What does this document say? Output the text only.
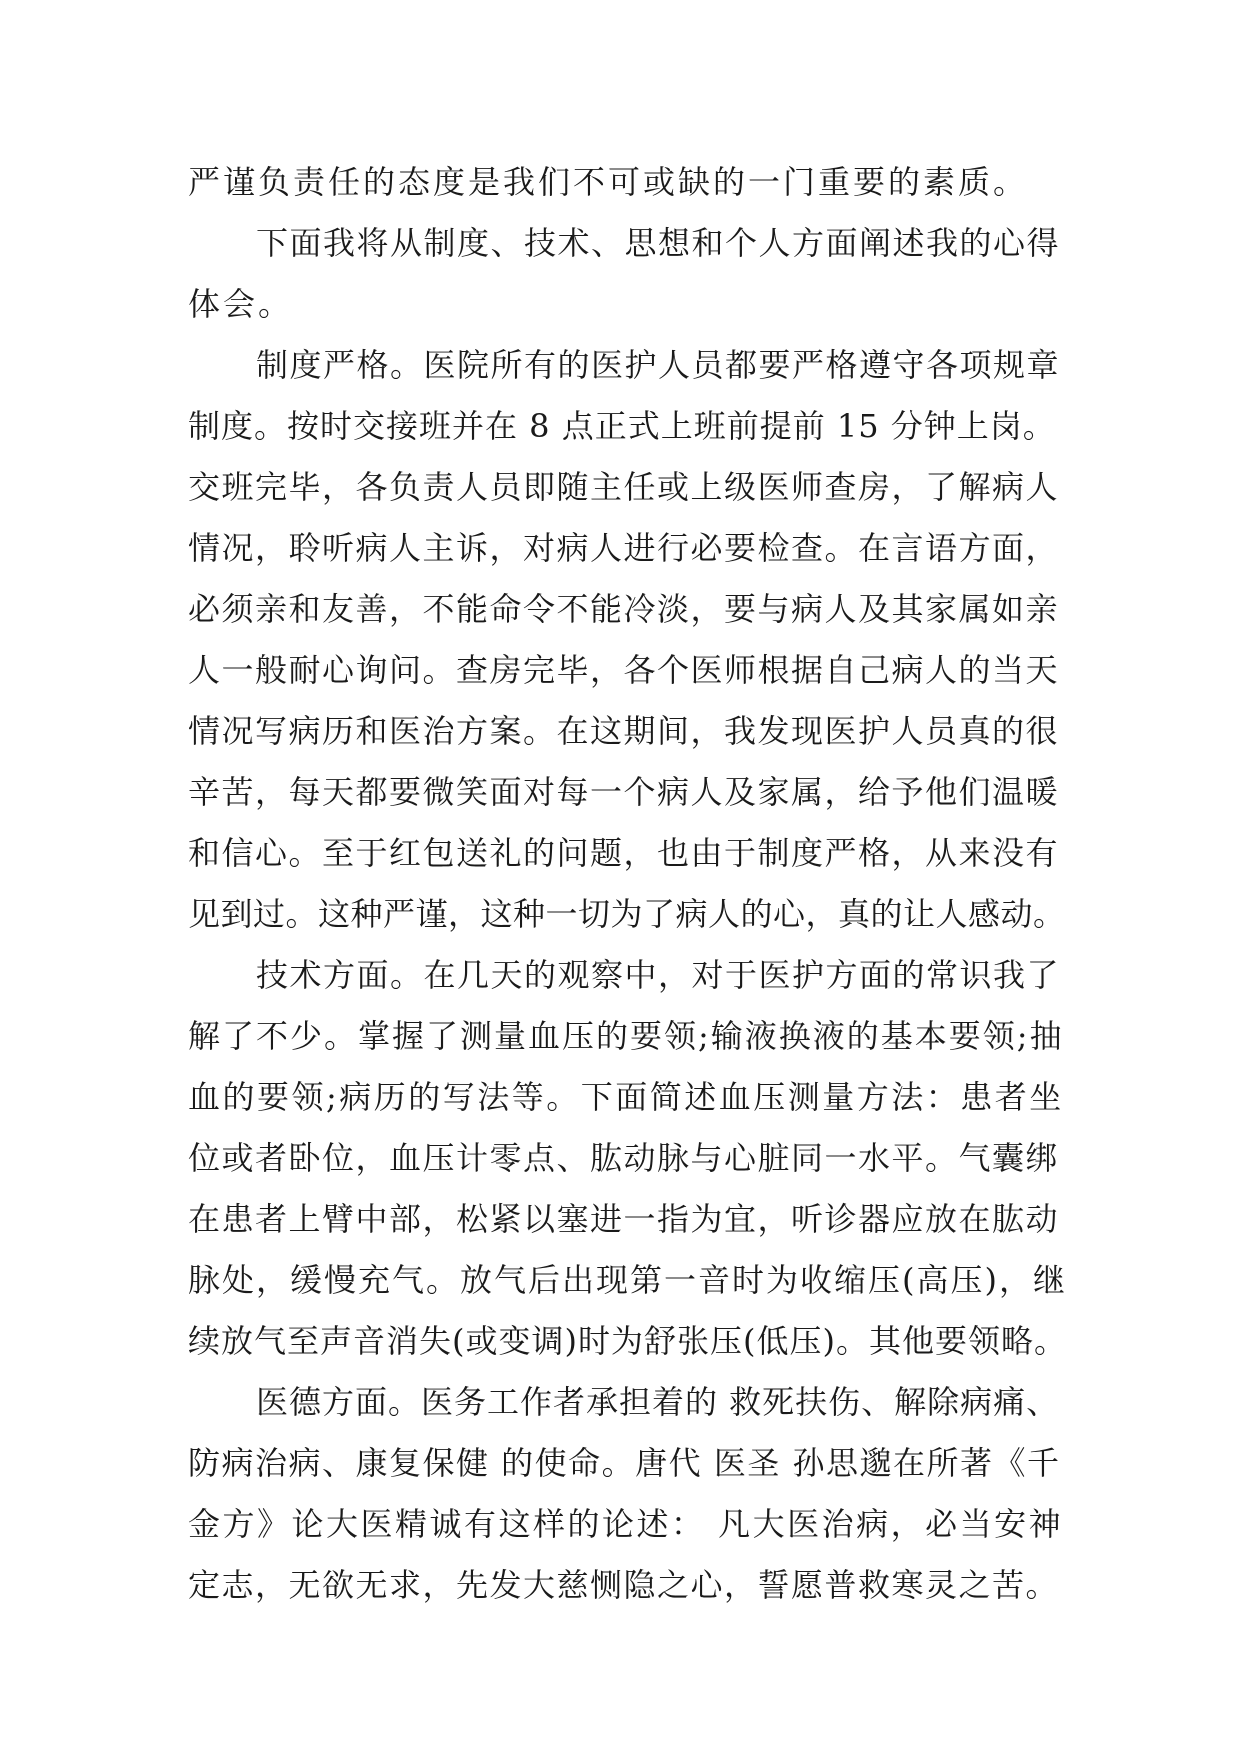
严谨负责任的态度是我们不可或缺的一门重要的素质。
下面我将从制度、技术、思想和个人方面阐述我的心得
体会。
制度严格。医院所有的医护人员都要严格遵守各项规章
制度。按时交接班并在 8 点正式上班前提前 15 分钟上岗。
交班完毕，各负责人员即随主任或上级医师查房，了解病人
情况，聆听病人主诉，对病人进行必要检查。在言语方面，
必须亲和友善，不能命令不能冷淡，要与病人及其家属如亲
人一般耐心询问。查房完毕，各个医师根据自己病人的当天
情况写病历和医治方案。在这期间，我发现医护人员真的很
辛苦，每天都要微笑面对每一个病人及家属，给予他们温暖
和信心。至于红包送礼的问题，也由于制度严格，从来没有
见到过。这种严谨，这种一切为了病人的心，真的让人感动。
技术方面。在几天的观察中，对于医护方面的常识我了
解了不少。掌握了测量血压的要领;输液换液的基本要领;抽
血的要领;病历的写法等。下面简述血压测量方法：患者坐
位或者卧位，血压计零点、肱动脉与心脏同一水平。气囊绑
在患者上臂中部，松紧以塞进一指为宜，听诊器应放在肱动
脉处，缓慢充气。放气后出现第一音时为收缩压(高压)，继
续放气至声音消失(或变调)时为舒张压(低压)。其他要领略。
医德方面。医务工作者承担着的 救死扶伤、解除病痛、
防病治病、康复保健 的使命。唐代 医圣 孙思邈在所著《千
金方》论大医精诚有这样的论述： 凡大医治病，必当安神
定志，无欲无求，先发大慈恻隐之心，誓愿普救寒灵之苦。
